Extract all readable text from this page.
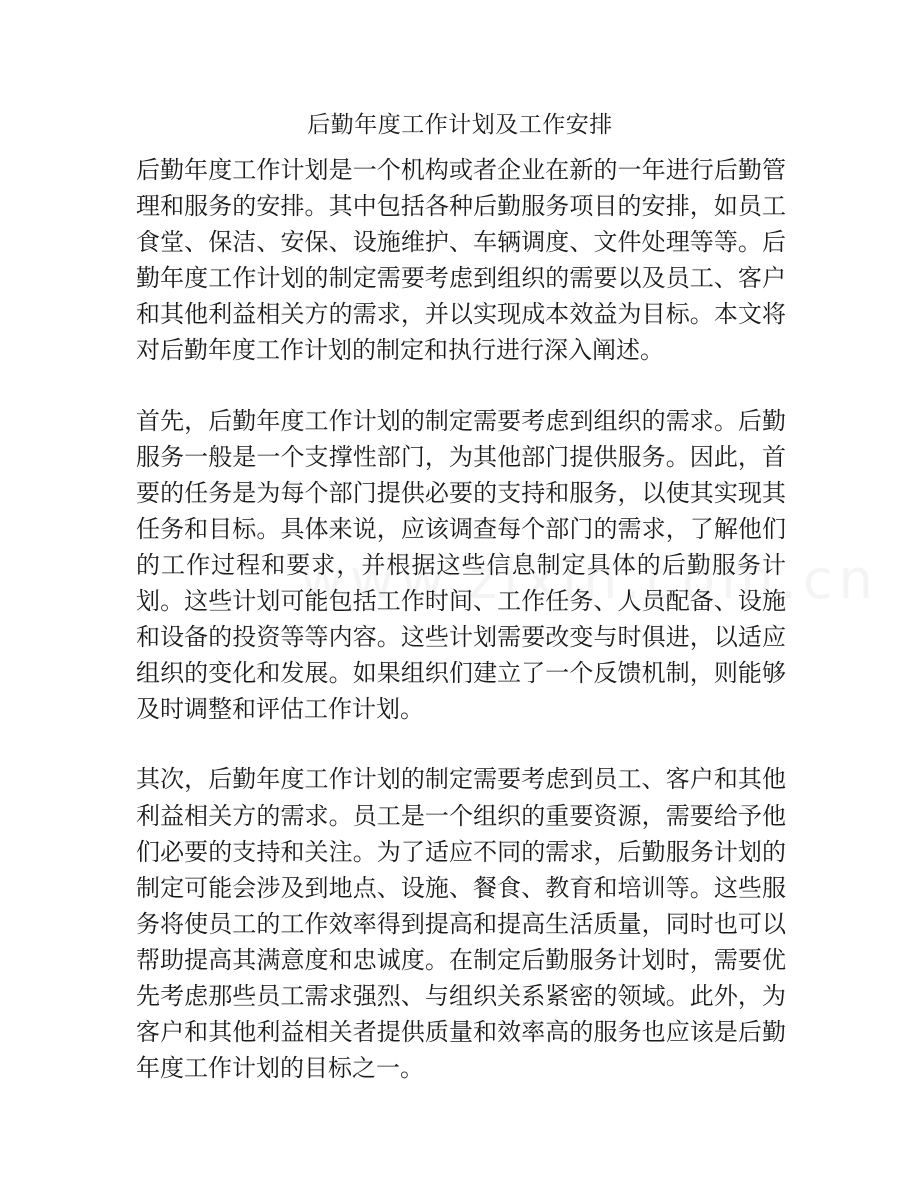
后勤年度工作计划及工作安排

后勤年度工作计划是一个机构或者企业在新的一年进行后勤管理和服务的安排。其中包括各种后勤服务项目的安排，如员工食堂、保洁、安保、设施维护、车辆调度、文件处理等等。后勤年度工作计划的制定需要考虑到组织的需要以及员工、客户和其他利益相关方的需求，并以实现成本效益为目标。本文将对后勤年度工作计划的制定和执行进行深入阐述。

首先，后勤年度工作计划的制定需要考虑到组织的需求。后勤服务一般是一个支撑性部门，为其他部门提供服务。因此，首要的任务是为每个部门提供必要的支持和服务，以使其实现其任务和目标。具体来说，应该调查每个部门的需求，了解他们的工作过程和要求，并根据这些信息制定具体的后勤服务计划。这些计划可能包括工作时间、工作任务、人员配备、设施和设备的投资等等内容。这些计划需要改变与时俱进，以适应组织的变化和发展。如果组织们建立了一个反馈机制，则能够及时调整和评估工作计划。

其次，后勤年度工作计划的制定需要考虑到员工、客户和其他利益相关方的需求。员工是一个组织的重要资源，需要给予他们必要的支持和关注。为了适应不同的需求，后勤服务计划的制定可能会涉及到地点、设施、餐食、教育和培训等。这些服务将使员工的工作效率得到提高和提高生活质量，同时也可以帮助提高其满意度和忠诚度。在制定后勤服务计划时，需要优先考虑那些员工需求强烈、与组织关系紧密的领域。此外，为客户和其他利益相关者提供质量和效率高的服务也应该是后勤年度工作计划的目标之一。
